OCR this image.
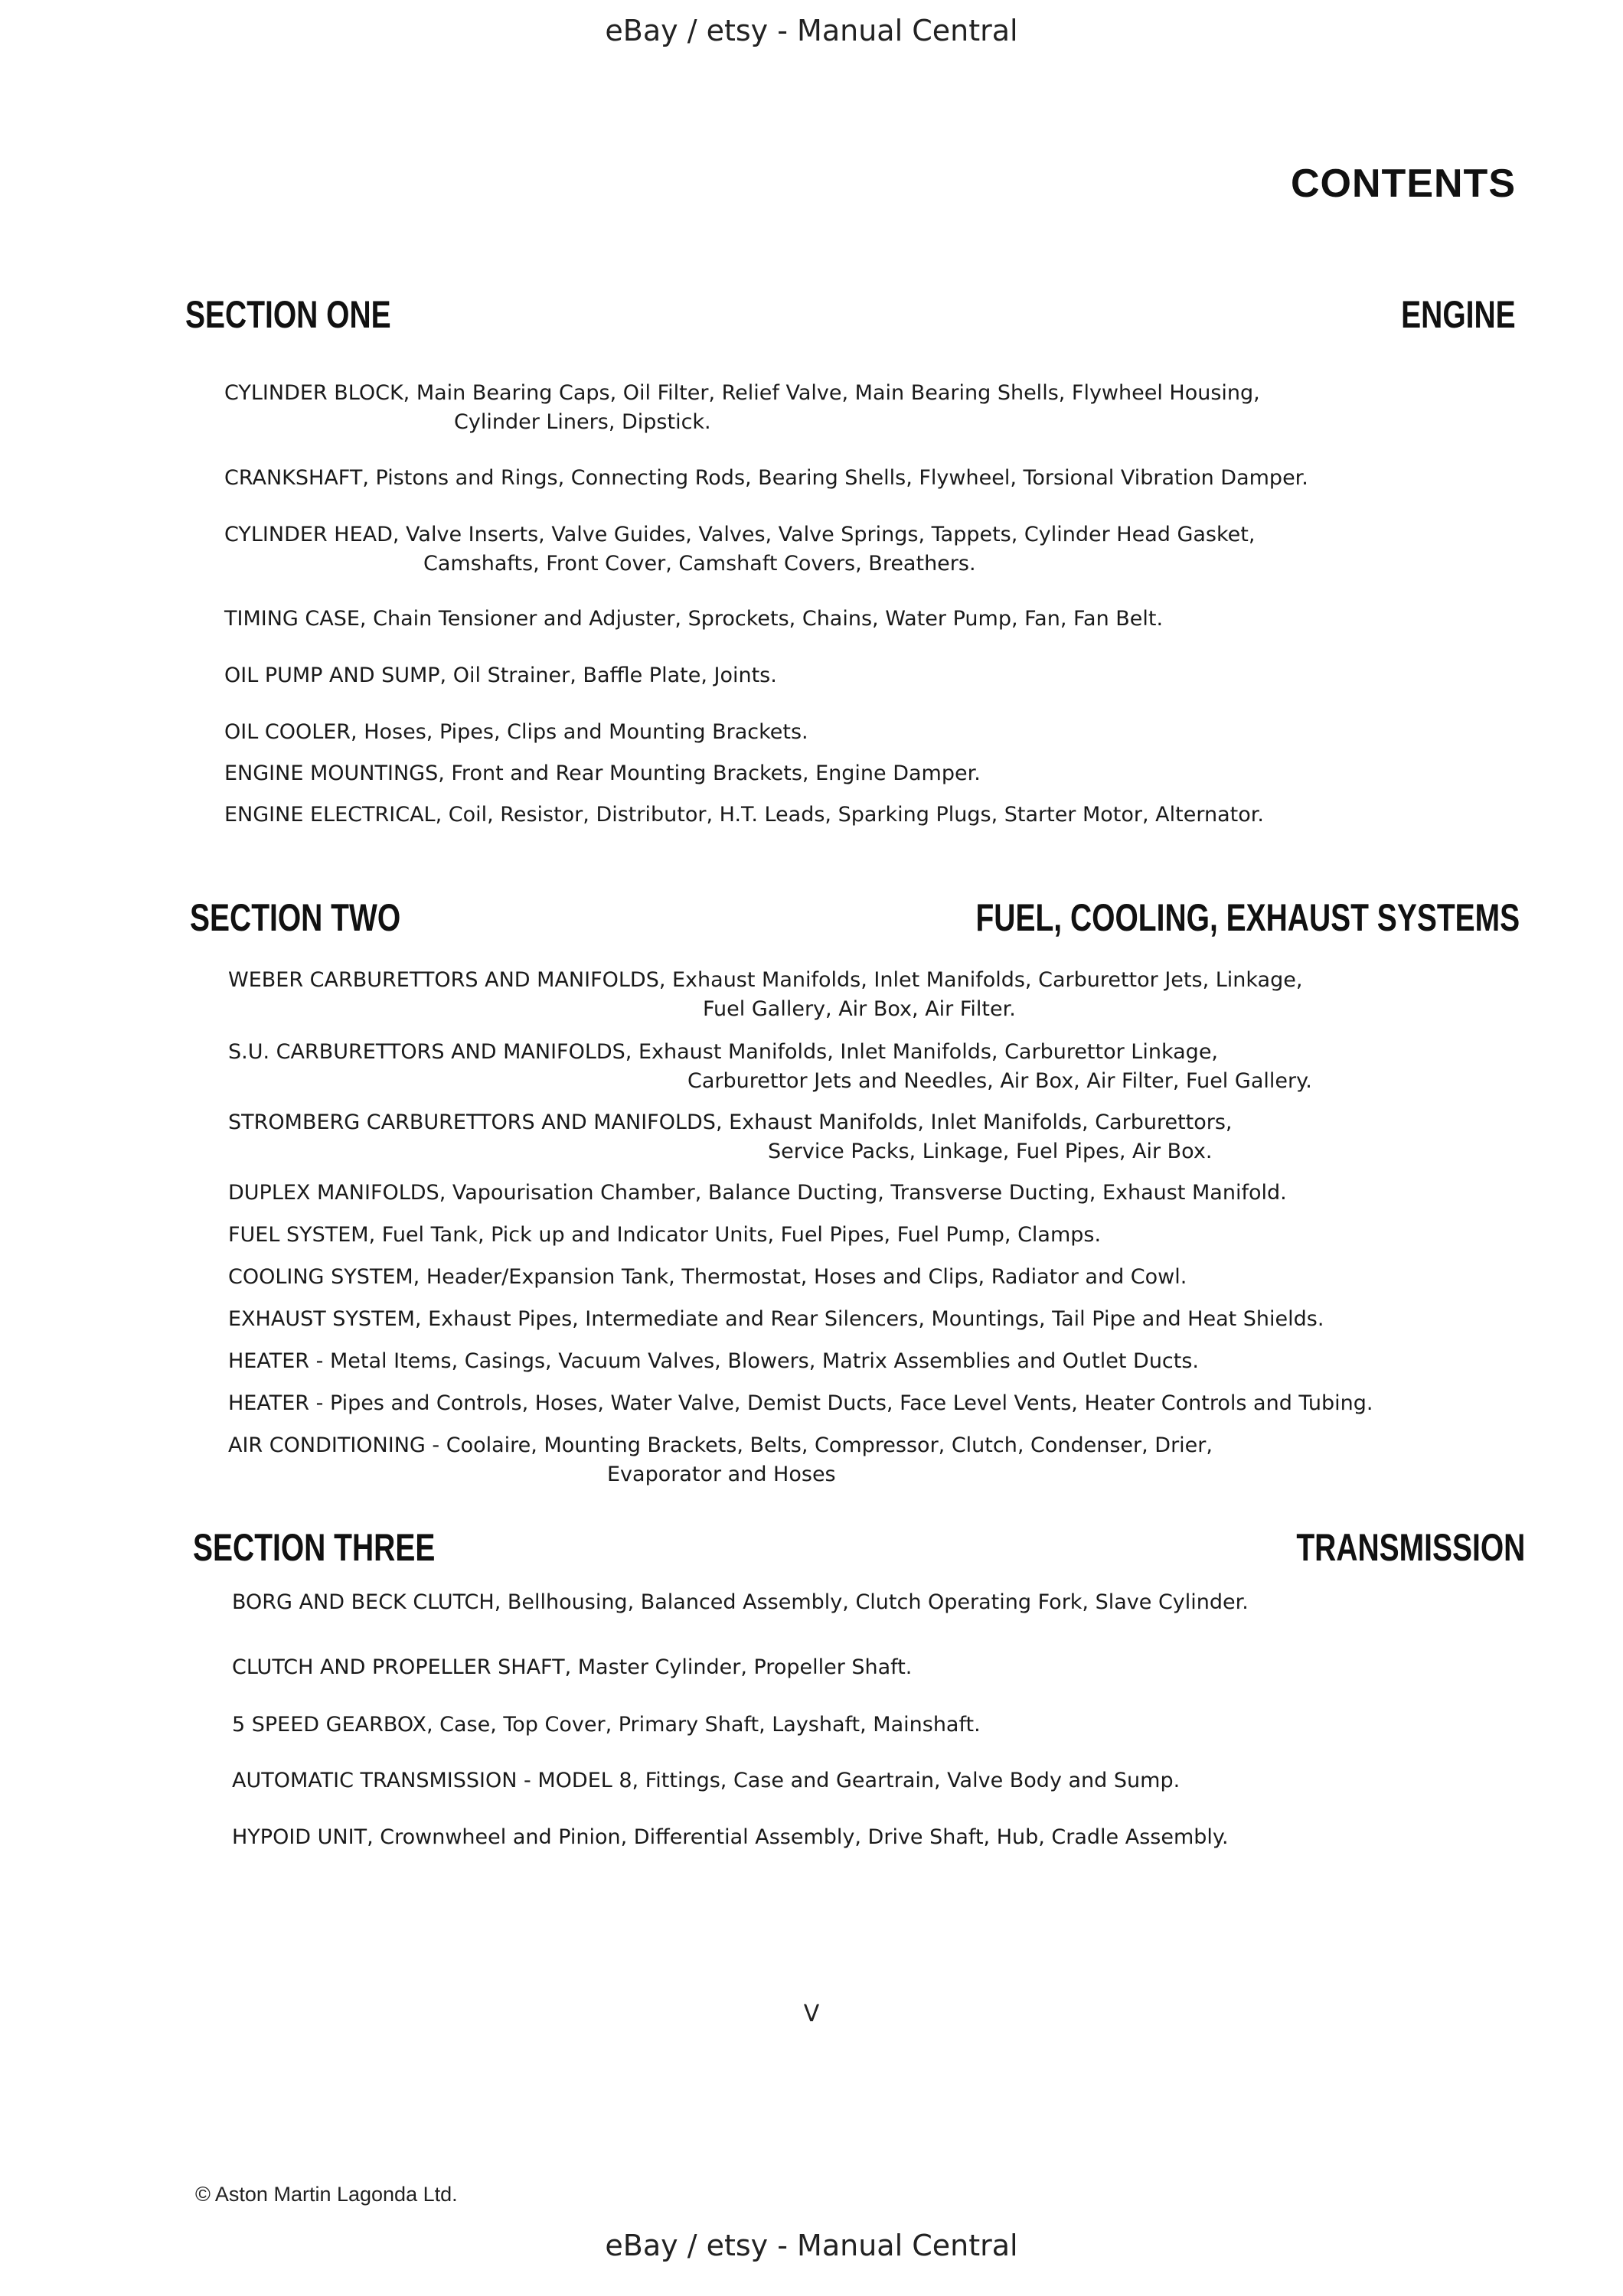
eBay / etsy - Manual Central
CONTENTS
SECTION ONE	ENGINE
CYLINDER BLOCK, Main Bearing Caps, Oil Filter, Relief Valve, Main Bearing Shells, Flywheel Housing,
Cylinder Liners, Dipstick.
CRANKSHAFT, Pistons and Rings, Connecting Rods, Bearing Shells, Flywheel, Torsional Vibration Damper.
CYLINDER HEAD, Valve Inserts, Valve Guides, Valves, Valve Springs, Tappets, Cylinder Head Gasket,
Camshafts, Front Cover, Camshaft Covers, Breathers.
TIMING CASE, Chain Tensioner and Adjuster, Sprockets, Chains, Water Pump, Fan, Fan Belt.
OIL PUMP AND SUMP, Oil Strainer, Baffle Plate, Joints.
OIL COOLER, Hoses, Pipes, Clips and Mounting Brackets.
ENGINE MOUNTINGS, Front and Rear Mounting Brackets, Engine Damper.
ENGINE ELECTRICAL, Coil, Resistor, Distributor, H.T. Leads, Sparking Plugs, Starter Motor, Alternator.
SECTION TWO	FUEL, COOLING, EXHAUST SYSTEMS
WEBER CARBURETTORS AND MANIFOLDS, Exhaust Manifolds, Inlet Manifolds, Carburettor Jets, Linkage,
Fuel Gallery, Air Box, Air Filter.
S.U. CARBURETTORS AND MANIFOLDS, Exhaust Manifolds, Inlet Manifolds, Carburettor Linkage,
Carburettor Jets and Needles, Air Box, Air Filter, Fuel Gallery.
STROMBERG CARBURETTORS AND MANIFOLDS, Exhaust Manifolds, Inlet Manifolds, Carburettors,
Service Packs, Linkage, Fuel Pipes, Air Box.
DUPLEX MANIFOLDS, Vapourisation Chamber, Balance Ducting, Transverse Ducting, Exhaust Manifold.
FUEL SYSTEM, Fuel Tank, Pick up and Indicator Units, Fuel Pipes, Fuel Pump, Clamps.
COOLING SYSTEM, Header/Expansion Tank, Thermostat, Hoses and Clips, Radiator and Cowl.
EXHAUST SYSTEM, Exhaust Pipes, Intermediate and Rear Silencers, Mountings, Tail Pipe and Heat Shields.
HEATER - Metal Items, Casings, Vacuum Valves, Blowers, Matrix Assemblies and Outlet Ducts.
HEATER - Pipes and Controls, Hoses, Water Valve, Demist Ducts, Face Level Vents, Heater Controls and Tubing.
AIR CONDITIONING - Coolaire, Mounting Brackets, Belts, Compressor, Clutch, Condenser, Drier,
Evaporator and Hoses
SECTION THREE	TRANSMISSION
BORG AND BECK CLUTCH, Bellhousing, Balanced Assembly, Clutch Operating Fork, Slave Cylinder.
CLUTCH AND PROPELLER SHAFT, Master Cylinder, Propeller Shaft.
5 SPEED GEARBOX, Case, Top Cover, Primary Shaft, Layshaft, Mainshaft.
AUTOMATIC TRANSMISSION - MODEL 8, Fittings, Case and Geartrain, Valve Body and Sump.
HYPOID UNIT, Crownwheel and Pinion, Differential Assembly, Drive Shaft, Hub, Cradle Assembly.
V
© Aston Martin Lagonda Ltd.
eBay / etsy - Manual Central
